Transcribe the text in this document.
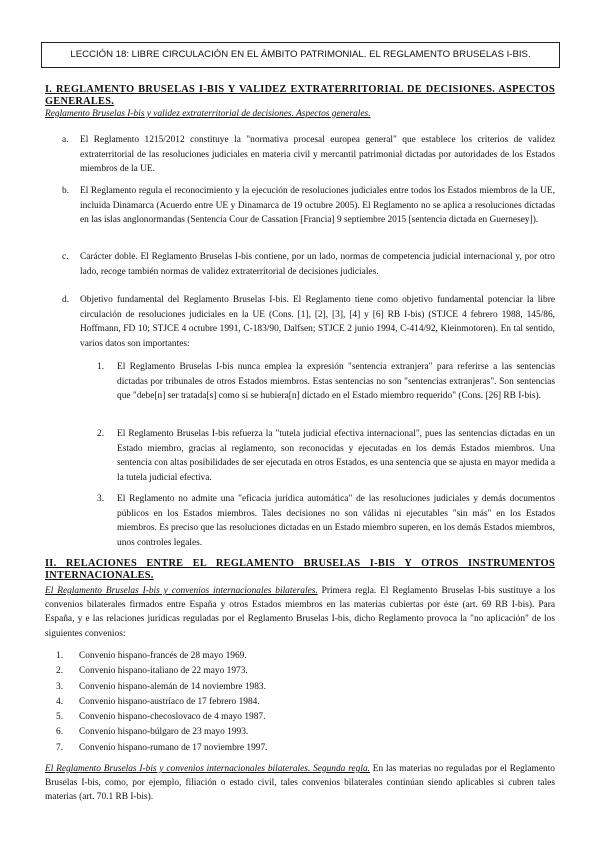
LECCIÓN 18: LIBRE CIRCULACIÓN EN EL ÁMBITO PATRIMONIAL. EL REGLAMENTO BRUSELAS I-BIS.
I. REGLAMENTO BRUSELAS I-BIS Y VALIDEZ EXTRATERRITORIAL DE DECISIONES. ASPECTOS GENERALES.
Reglamento Bruselas I-bis y validez extraterritorial de decisiones. Aspectos generales.
a. El Reglamento 1215/2012 constituye la "normativa procesal europea general" que establece los criterios de validez extraterritorial de las resoluciones judiciales en materia civil y mercantil patrimonial dictadas por autoridades de los Estados miembros de la UE.
b. El Reglamento regula el reconocimiento y la ejecución de resoluciones judiciales entre todos los Estados miembros de la UE, incluida Dinamarca (Acuerdo entre UE y Dinamarca de 19 octubre 2005). El Reglamento no se aplica a resoluciones dictadas en las islas anglonormandas (Sentencia Cour de Cassation [Francia] 9 septiembre 2015 [sentencia dictada en Guernesey]).
c. Carácter doble. El Reglamento Bruselas I-bis contiene, por un lado, normas de competencia judicial internacional y, por otro lado, recoge también normas de validez extraterritorial de decisiones judiciales.
d. Objetivo fundamental del Reglamento Bruselas I-bis. El Reglamento tiene como objetivo fundamental potenciar la libre circulación de resoluciones judiciales en la UE (Cons. [1], [2], [3], [4] y [6] RB I-bis) (STJCE 4 febrero 1988, 145/86, Hoffmann, FD 10; STJCE 4 octubre 1991, C-183/90, Dalfsen; STJCE 2 junio 1994, C-414/92, Kleinmotoren). En tal sentido, varios datos son importantes:
1. El Reglamento Bruselas I-bis nunca emplea la expresión "sentencia extranjera" para referirse a las sentencias dictadas por tribunales de otros Estados miembros. Estas sentencias no son "sentencias extranjeras". Son sentencias que "debe[n] ser tratada[s] como si se hubiera[n] dictado en el Estado miembro requerido" (Cons. [26] RB I-bis).
2. El Reglamento Bruselas I-bis refuerza la "tutela judicial efectiva internacional", pues las sentencias dictadas en un Estado miembro, gracias al reglamento, son reconocidas y ejecutadas en los demás Estados miembros. Una sentencia con altas posibilidades de ser ejecutada en otros Estados, es una sentencia que se ajusta en mayor medida a la tutela judicial efectiva.
3. El Reglamento no admite una "eficacia jurídica automática" de las resoluciones judiciales y demás documentos públicos en los Estados miembros. Tales decisiones no son válidas ni ejecutables "sin más" en los Estados miembros. Es preciso que las resoluciones dictadas en un Estado miembro superen, en los demás Estados miembros, unos controles legales.
II. RELACIONES ENTRE EL REGLAMENTO BRUSELAS I-BIS Y OTROS INSTRUMENTOS INTERNACIONALES.
El Reglamento Bruselas I-bis y convenios internacionales bilaterales. Primera regla. El Reglamento Bruselas I-bis sustituye a los convenios bilaterales firmados entre España y otros Estados miembros en las materias cubiertas por éste (art. 69 RB I-bis). Para España, y e las relaciones jurídicas reguladas por el Reglamento Bruselas I-bis, dicho Reglamento provoca la "no aplicación" de los siguientes convenios:
1. Convenio hispano-francés de 28 mayo 1969.
2. Convenio hispano-italiano de 22 mayo 1973.
3. Convenio hispano-alemán de 14 noviembre 1983.
4. Convenio hispano-austríaco de 17 febrero 1984.
5. Convenio hispano-checoslovaco de 4 mayo 1987.
6. Convenio hispano-búlgaro de 23 mayo 1993.
7. Convenio hispano-rumano de 17 noviembre 1997.
El Reglamento Bruselas I-bis y convenios internacionales bilaterales. Segunda regla. En las materias no reguladas por el Reglamento Bruselas I-bis, como, por ejemplo, filiación o estado civil, tales convenios bilaterales continúan siendo aplicables si cubren tales materias (art. 70.1 RB I-bis).
